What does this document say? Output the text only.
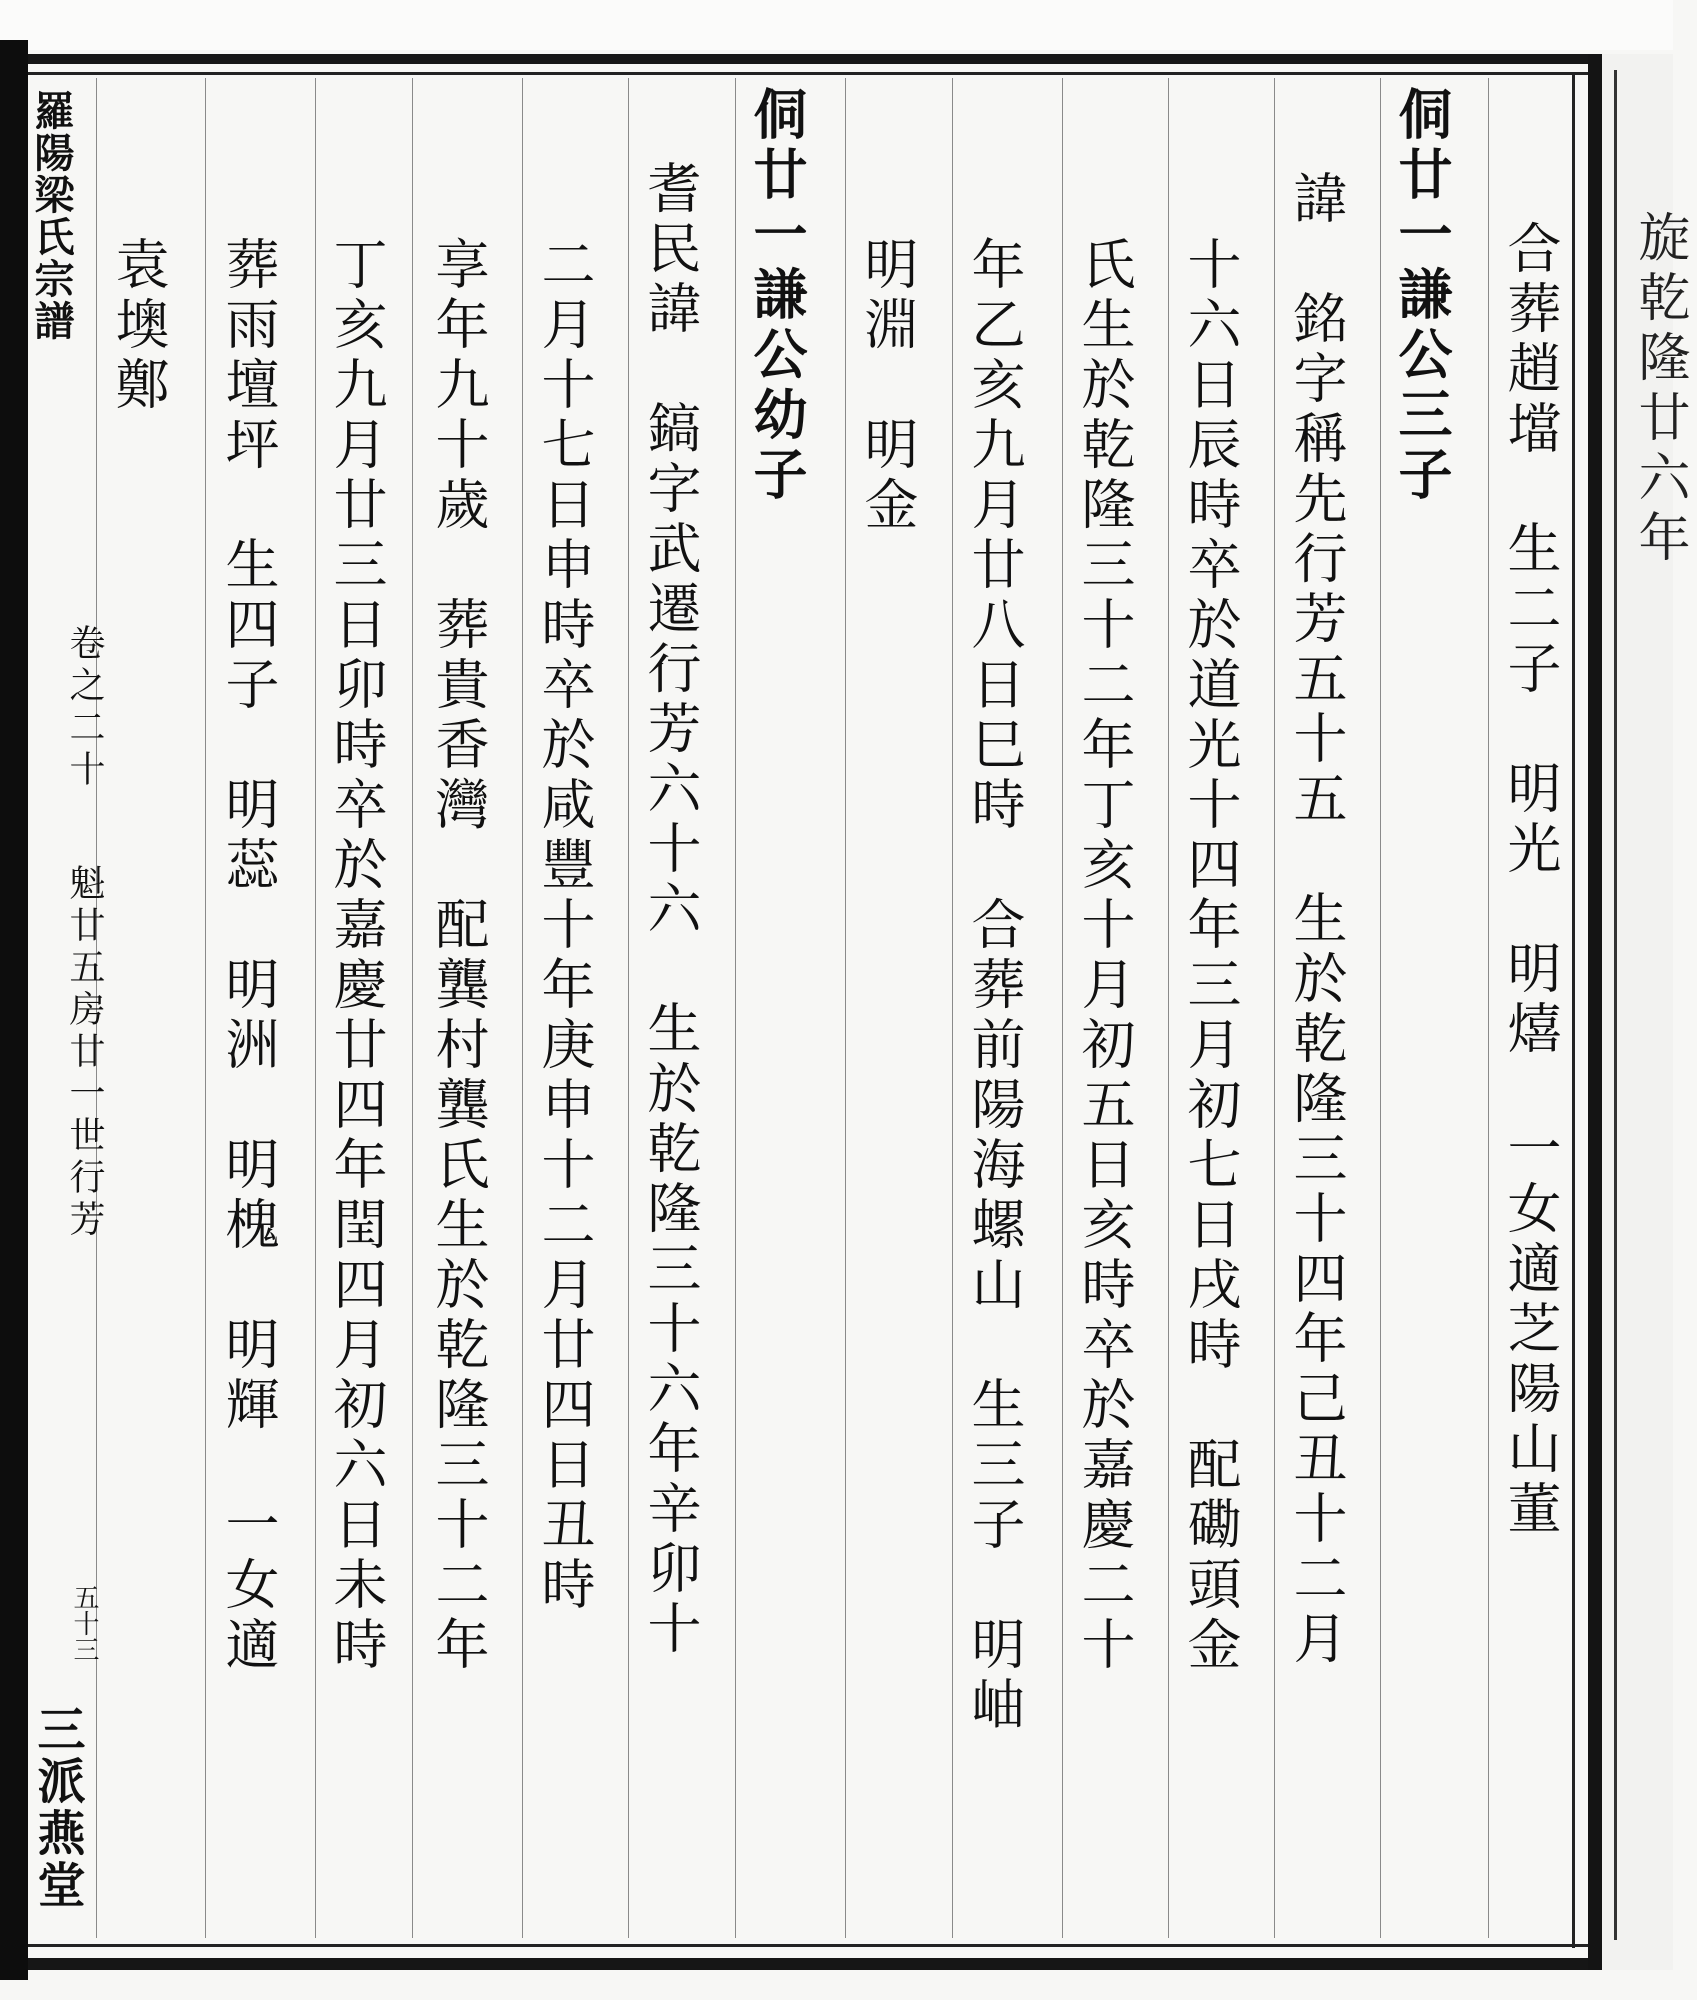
旋乾隆廿六年
羅陽梁氏宗譜
卷之二十
魁廿五房廿一世行芳
五十三
三派燕堂
合葬趙壋　生二子　明光　明熺　一女適芝陽山董
侗廿一謙公三子
諱　銘字稱先行芳五十五　生於乾隆三十四年己丑十二月
十六日辰時卒於道光十四年三月初七日戌時　配磡頭金
氏生於乾隆三十二年丁亥十月初五日亥時卒於嘉慶二十
年乙亥九月廿八日巳時　合葬前陽海螺山　生三子　明岫
明淵　明金
侗廿一謙公幼子
耆民諱　鎬字武遷行芳六十六　生於乾隆三十六年辛卯十
二月十七日申時卒於咸豐十年庚申十二月廿四日丑時
享年九十歲　葬貴香灣　配龔村龔氏生於乾隆三十二年
丁亥九月廿三日卯時卒於嘉慶廿四年閏四月初六日未時
葬雨壇坪　生四子　明蕊　明洲　明槐　明輝　一女適
袁墺鄭
